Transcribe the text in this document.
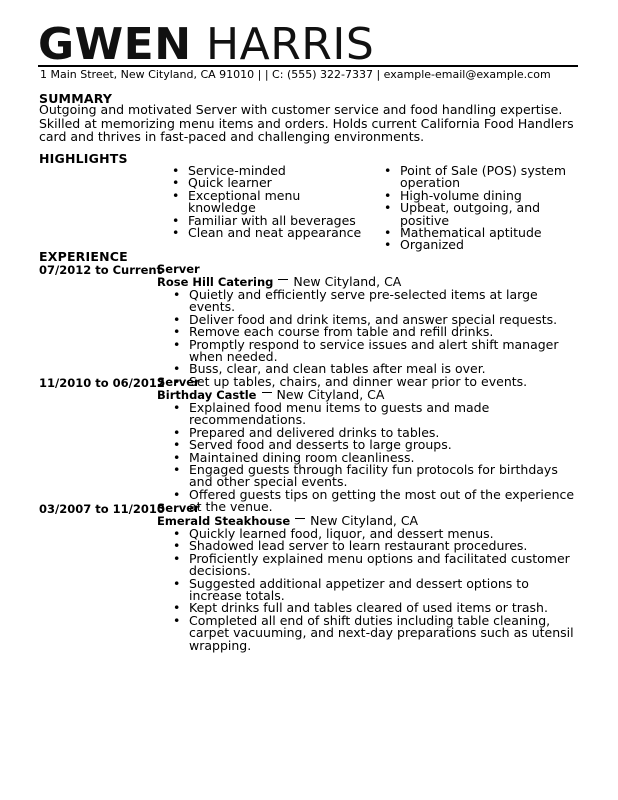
GWEN HARRIS
1 Main Street, New Cityland, CA 91010 | | C: (555) 322-7337 | example-email@example.com
SUMMARY
Outgoing and motivated Server with customer service and food handling expertise. Skilled at memorizing menu items and orders. Holds current California Food Handlers card and thrives in fast-paced and challenging environments.
HIGHLIGHTS
• Service-minded
• Quick learner
• Exceptional menu knowledge
• Familiar with all beverages
• Clean and neat appearance
• Point of Sale (POS) system operation
• High-volume dining
• Upbeat, outgoing, and positive
• Mathematical aptitude
• Organized
EXPERIENCE
07/2012 to Current
Server
Rose Hill Catering New Cityland, CA
• Quietly and efficiently serve pre-selected items at large events.
• Deliver food and drink items, and answer special requests.
• Remove each course from table and refill drinks.
• Promptly respond to service issues and alert shift manager when needed.
• Buss, clear, and clean tables after meal is over.
• Set up tables, chairs, and dinner wear prior to events.
11/2010 to 06/2012
Server
Birthday Castle New Cityland, CA
• Explained food menu items to guests and made recommendations.
• Prepared and delivered drinks to tables.
• Served food and desserts to large groups.
• Maintained dining room cleanliness.
• Engaged guests through facility fun protocols for birthdays and other special events.
• Offered guests tips on getting the most out of the experience at the venue.
03/2007 to 11/2010
Server
Emerald Steakhouse New Cityland, CA
• Quickly learned food, liquor, and dessert menus.
• Shadowed lead server to learn restaurant procedures.
• Proficiently explained menu options and facilitated customer decisions.
• Suggested additional appetizer and dessert options to increase totals.
• Kept drinks full and tables cleared of used items or trash.
• Completed all end of shift duties including table cleaning, carpet vacuuming, and next-day preparations such as utensil wrapping.
